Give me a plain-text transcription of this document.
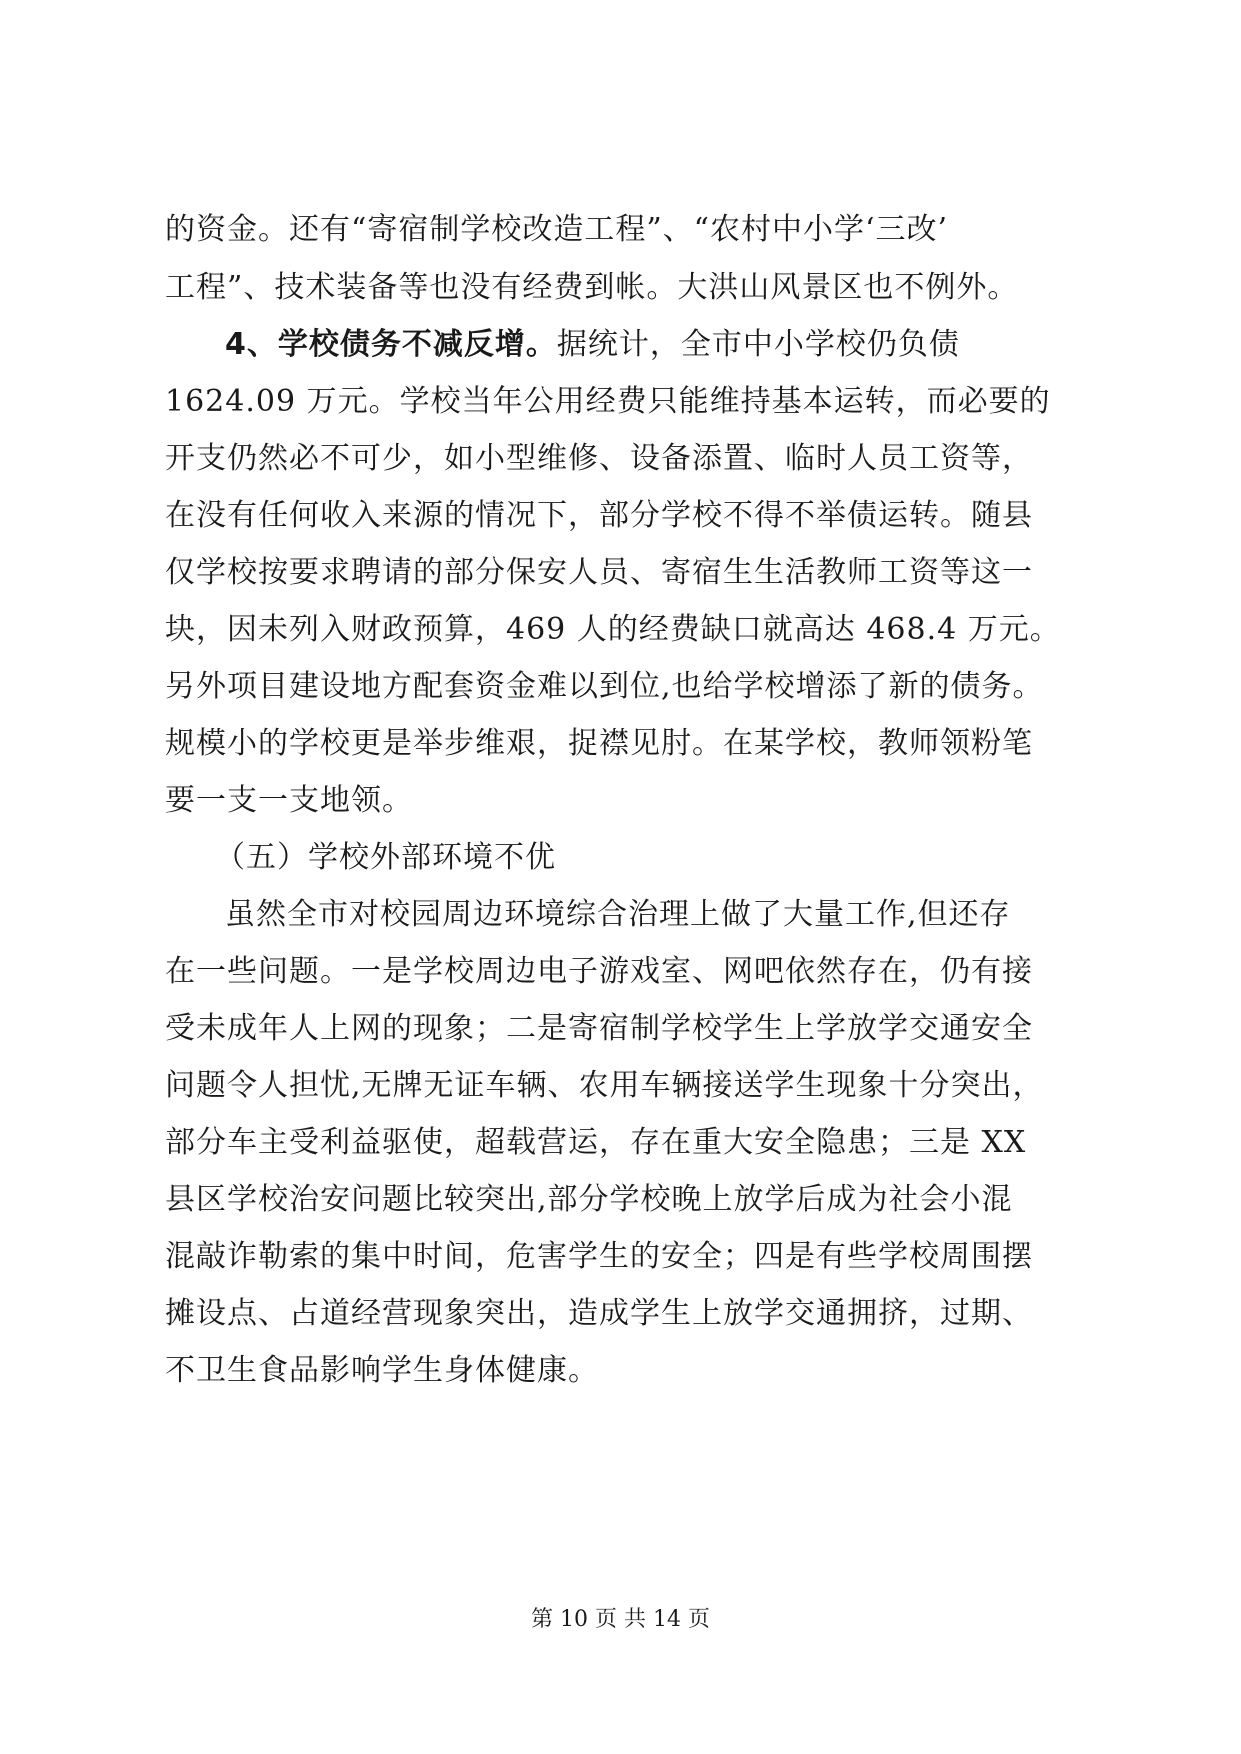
的资金。还有“寄宿制学校改造工程”、“农村中小学‘三改’
工程”、技术装备等也没有经费到帐。大洪山风景区也不例外。
4、学校债务不减反增。据统计，全市中小学校仍负债
1624.09 万元。学校当年公用经费只能维持基本运转，而必要的
开支仍然必不可少，如小型维修、设备添置、临时人员工资等，
在没有任何收入来源的情况下，部分学校不得不举债运转。随县
仅学校按要求聘请的部分保安人员、寄宿生生活教师工资等这一
块，因未列入财政预算，469 人的经费缺口就高达 468.4 万元。
另外项目建设地方配套资金难以到位,也给学校增添了新的债务。
规模小的学校更是举步维艰，捉襟见肘。在某学校，教师领粉笔
要一支一支地领。
（五）学校外部环境不优
虽然全市对校园周边环境综合治理上做了大量工作,但还存
在一些问题。一是学校周边电子游戏室、网吧依然存在，仍有接
受未成年人上网的现象；二是寄宿制学校学生上学放学交通安全
问题令人担忧,无牌无证车辆、农用车辆接送学生现象十分突出，
部分车主受利益驱使，超载营运，存在重大安全隐患；三是 XX
县区学校治安问题比较突出,部分学校晚上放学后成为社会小混
混敲诈勒索的集中时间，危害学生的安全；四是有些学校周围摆
摊设点、占道经营现象突出，造成学生上放学交通拥挤，过期、
不卫生食品影响学生身体健康。
第 10 页 共 14 页
